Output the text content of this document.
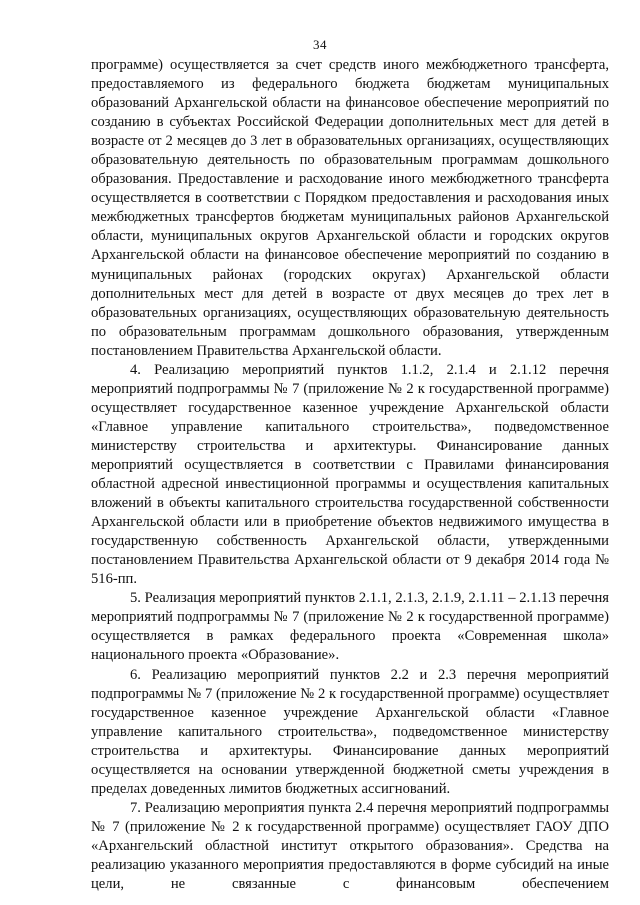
34

программе) осуществляется за счет средств иного межбюджетного трансферта, предоставляемого из федерального бюджета бюджетам муниципальных образований Архангельской области на финансовое обеспечение мероприятий по созданию в субъектах Российской Федерации дополнительных мест для детей в возрасте от 2 месяцев до 3 лет в образовательных организациях, осуществляющих образовательную деятельность по образовательным программам дошкольного образования. Предоставление и расходование иного межбюджетного трансферта осуществляется в соответствии с Порядком предоставления и расходования иных межбюджетных трансфертов бюджетам муниципальных районов Архангельской области, муниципальных округов Архангельской области и городских округов Архангельской области на финансовое обеспечение мероприятий по созданию в муниципальных районах (городских округах) Архангельской области дополнительных мест для детей в возрасте от двух месяцев до трех лет в образовательных организациях, осуществляющих образовательную деятельность по образовательным программам дошкольного образования, утвержденным постановлением Правительства Архангельской области.

4. Реализацию мероприятий пунктов 1.1.2, 2.1.4 и 2.1.12 перечня мероприятий подпрограммы № 7 (приложение № 2 к государственной программе) осуществляет государственное казенное учреждение Архангельской области «Главное управление капитального строительства», подведомственное министерству строительства и архитектуры. Финансирование данных мероприятий осуществляется в соответствии с Правилами финансирования областной адресной инвестиционной программы и осуществления капитальных вложений в объекты капитального строительства государственной собственности Архангельской области или в приобретение объектов недвижимого имущества в государственную собственность Архангельской области, утвержденными постановлением Правительства Архангельской области от 9 декабря 2014 года № 516-пп.

5. Реализация мероприятий пунктов 2.1.1, 2.1.3, 2.1.9, 2.1.11 – 2.1.13 перечня мероприятий подпрограммы № 7 (приложение № 2 к государственной программе) осуществляется в рамках федерального проекта «Современная школа» национального проекта «Образование».

6. Реализацию мероприятий пунктов 2.2 и 2.3 перечня мероприятий подпрограммы № 7 (приложение № 2 к государственной программе) осуществляет государственное казенное учреждение Архангельской области «Главное управление капитального строительства», подведомственное министерству строительства и архитектуры. Финансирование данных мероприятий осуществляется на основании утвержденной бюджетной сметы учреждения в пределах доведенных лимитов бюджетных ассигнований.

7. Реализацию мероприятия пункта 2.4 перечня мероприятий подпрограммы № 7 (приложение № 2 к государственной программе) осуществляет ГАОУ ДПО «Архангельский областной институт открытого образования». Средства на реализацию указанного мероприятия предоставляются в форме субсидий на иные цели, не связанные с финансовым обеспечением
